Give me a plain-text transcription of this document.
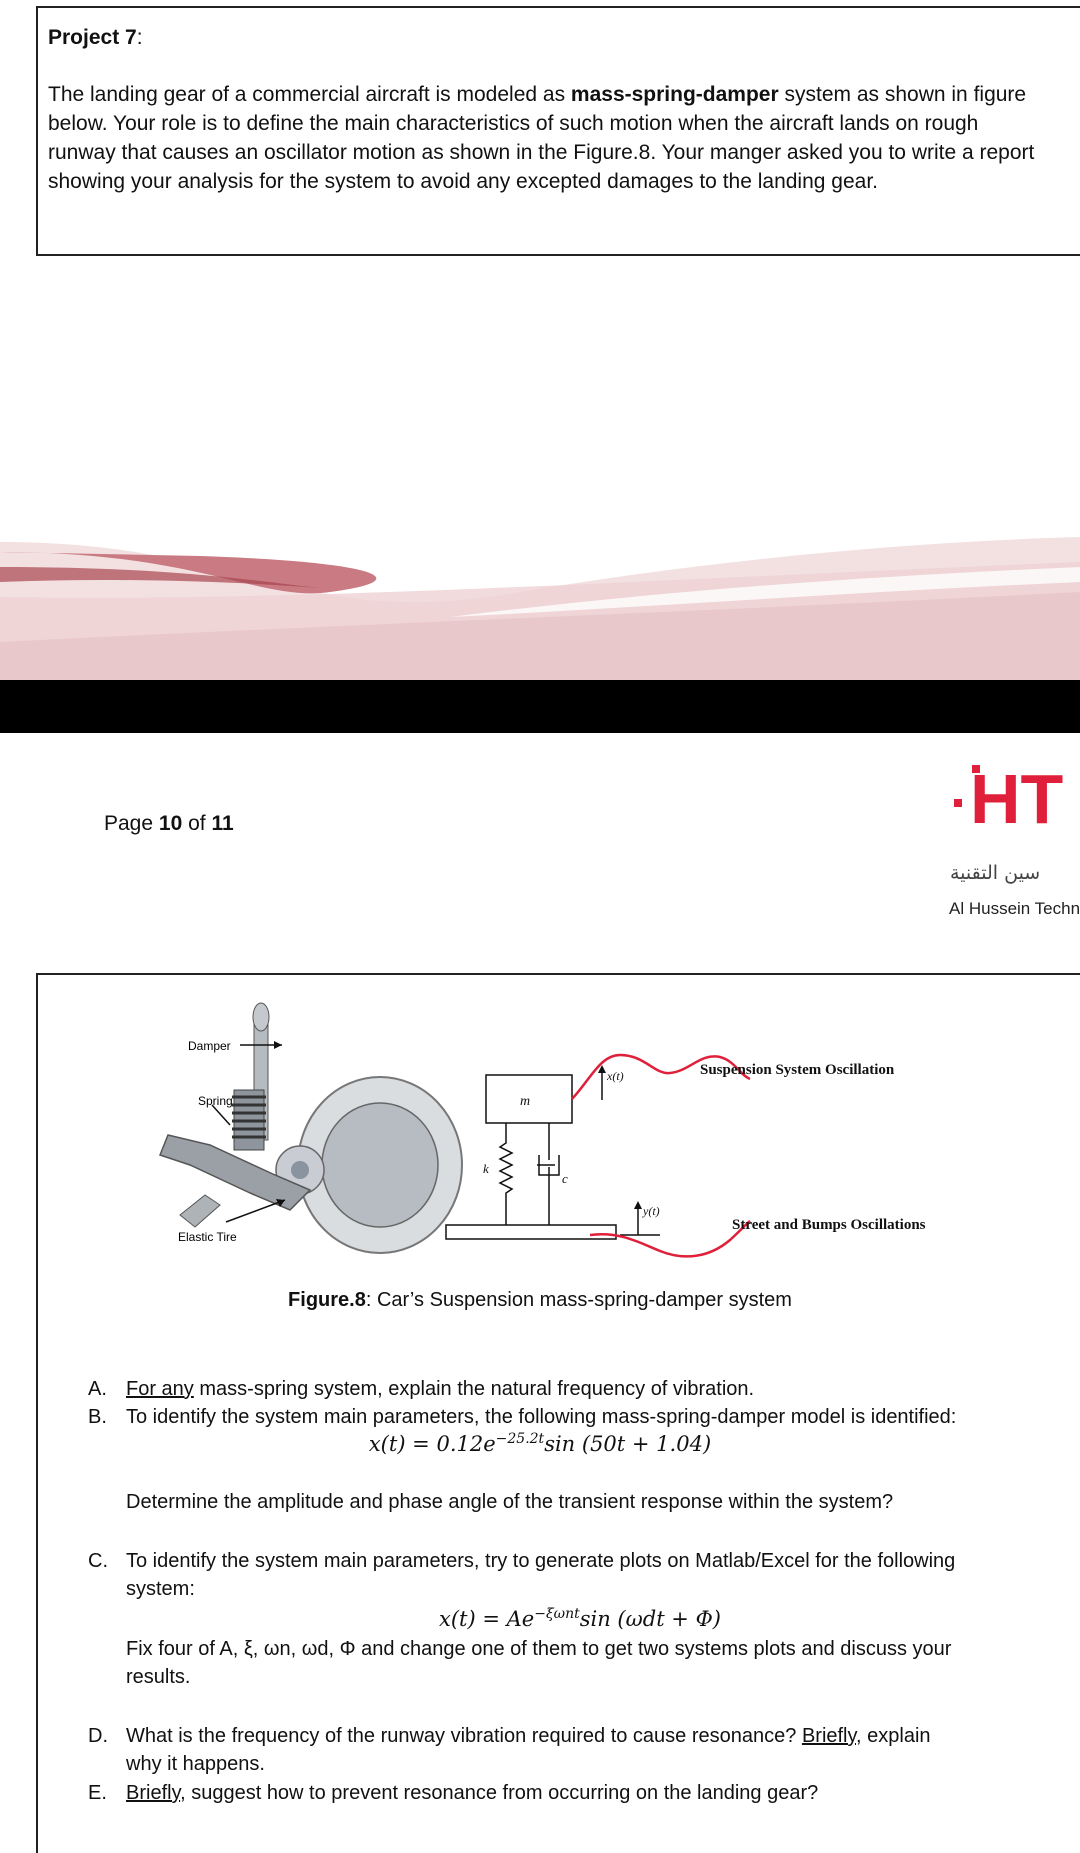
Project 7:
The landing gear of a commercial aircraft is modeled as mass-spring-damper system as shown in figure below. Your role is to define the main characteristics of such motion when the aircraft lands on rough runway that causes an oscillator motion as shown in the Figure.8. Your manger asked you to write a report showing your analysis for the system to avoid any excepted damages to the landing gear.
Page 10 of 11	HT
سين التقنية
Al Hussein Techn
Damper
Spring
Elastic Tire
m
k
c
x(t)
y(t)
Suspension System Oscillation
Street and Bumps Oscillations
Figure.8: Car’s Suspension mass-spring-damper system
A. For any mass-spring system, explain the natural frequency of vibration.
B. To identify the system main parameters, the following mass-spring-damper model is identified:
$x(t) = 0.12e^{-25.2t}\sin$ (50t + 1.04)
Determine the amplitude and phase angle of the transient response within the system?
C. To identify the system main parameters, try to generate plots on Matlab/Excel for the following
system:
$x(t) = Ae^{-\xi\omega nt}\sin$ (ωdt + Φ)
Fix four of A, ξ, ωn, ωd, Φ and change one of them to get two systems plots and discuss your
results.
D. What is the frequency of the runway vibration required to cause resonance? Briefly, explain
why it happens.
E. Briefly, suggest how to prevent resonance from occurring on the landing gear?
